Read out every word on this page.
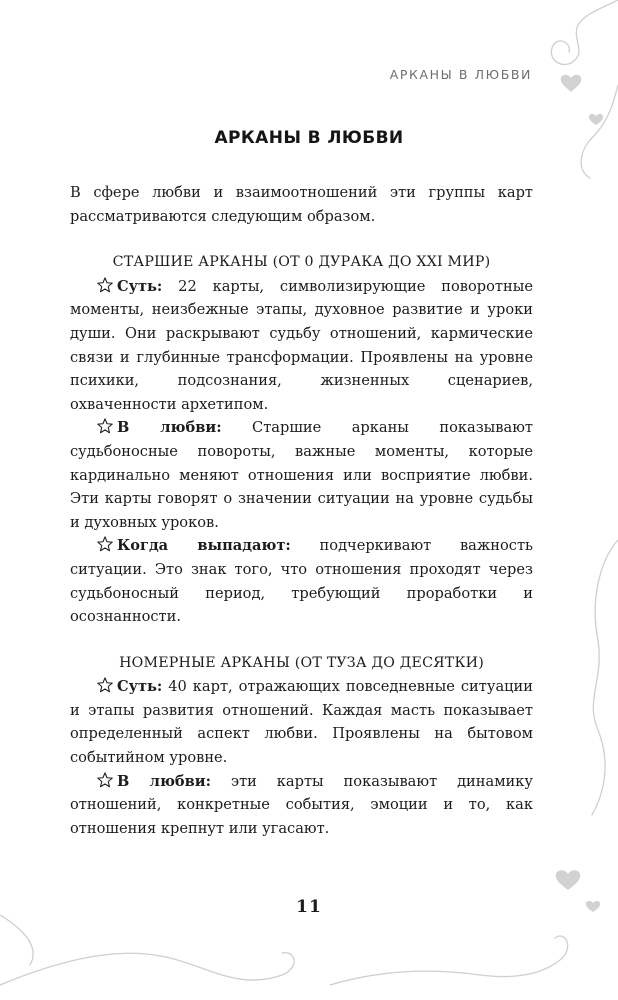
АРКАНЫ В ЛЮБВИ
АРКАНЫ В ЛЮБВИ

В сфере любви и взаимоотношений эти группы карт рассматриваются следующим образом.

СТАРШИЕ АРКАНЫ (ОТ 0 ДУРАКА ДО XXI МИР)

Суть: 22 карты, символизирующие поворотные моменты, неизбежные этапы, духовное развитие и уроки души. Они раскрывают судьбу отношений, кармические связи и глубинные трансформации. Проявлены на уровне психики, подсознания, жизненных сценариев, охваченности архетипом.

В любви: Старшие арканы показывают судьбоносные повороты, важные моменты, которые кардинально меняют отношения или восприятие любви. Эти карты говорят о значении ситуации на уровне судьбы и духовных уроков.

Когда выпадают: подчеркивают важность ситуации. Это знак того, что отношения проходят через судьбоносный период, требующий проработки и осознанности.

НОМЕРНЫЕ АРКАНЫ (ОТ ТУЗА ДО ДЕСЯТКИ)

Суть: 40 карт, отражающих повседневные ситуации и этапы развития отношений. Каждая масть показывает определенный аспект любви. Проявлены на бытовом событийном уровне.

В любви: эти карты показывают динамику отношений, конкретные события, эмоции и то, как отношения крепнут или угасают.

11
